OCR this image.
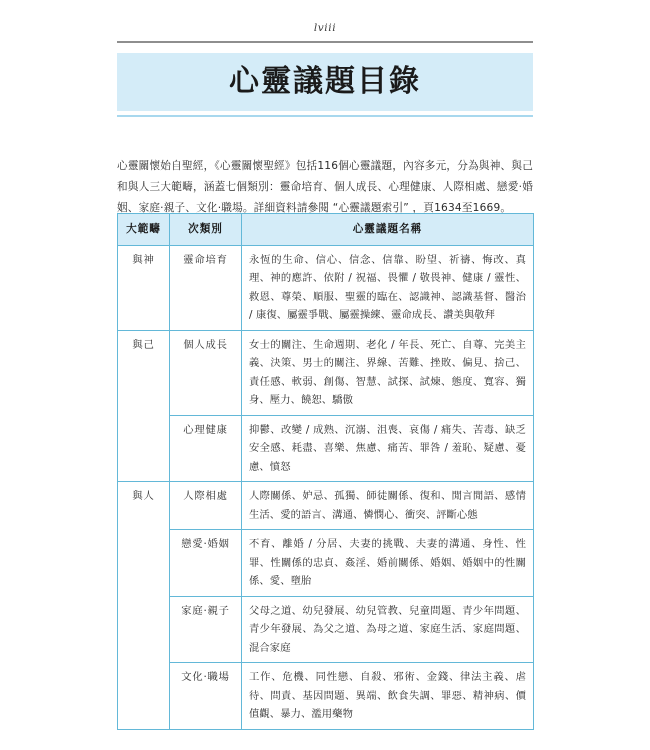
lviii
心靈議題目錄

心靈關懷始自聖經，《心靈關懷聖經》包括116個心靈議題，內容多元，分為與神、與己和與人三大範疇，涵蓋七個類別：靈命培育、個人成長、心理健康、人際相處、戀愛‧婚姻、家庭‧親子、文化‧職場。詳細資料請參閱 “心靈議題索引” ，頁1634至1669。

大範疇	次類別	心靈議題名稱
與神	靈命培育	永恆的生命、信心、信念、信靠、盼望、祈禱、悔改、真理、神的應許、依附 / 祝福、畏懼 / 敬畏神、健康 / 靈性、救恩、尊榮、順服、聖靈的臨在、認識神、認識基督、醫治 / 康復、屬靈爭戰、屬靈操練、靈命成長、讚美與敬拜
與己	個人成長	女士的關注、生命週期、老化 / 年長、死亡、自尊、完美主義、決策、男士的關注、界線、苦難、挫敗、偏見、捨己、責任感、軟弱、創傷、智慧、試探、試煉、態度、寬容、獨身、壓力、饒恕、驕傲
	心理健康	抑鬱、改變 / 成熟、沉溺、沮喪、哀傷 / 痛失、苦毒、缺乏安全感、耗盡、喜樂、焦慮、痛苦、罪咎 / 羞恥、疑慮、憂慮、憤怒
與人	人際相處	人際關係、妒忌、孤獨、師徒關係、復和、閒言閒語、感情生活、愛的語言、溝通、憐憫心、衝突、評斷心態
	戀愛‧婚姻	不育、離婚 / 分居、夫妻的挑戰、夫妻的溝通、身性、性罪、性關係的忠貞、姦淫、婚前關係、婚姻、婚姻中的性關係、愛、墮胎
	家庭‧親子	父母之道、幼兒發展、幼兒管教、兒童問題、青少年問題、青少年發展、為父之道、為母之道、家庭生活、家庭問題、混合家庭
	文化‧職場	工作、危機、同性戀、自殺、邪術、金錢、律法主義、虐待、問責、基因問題、異端、飲食失調、罪惡、精神病、價值觀、暴力、濫用藥物
